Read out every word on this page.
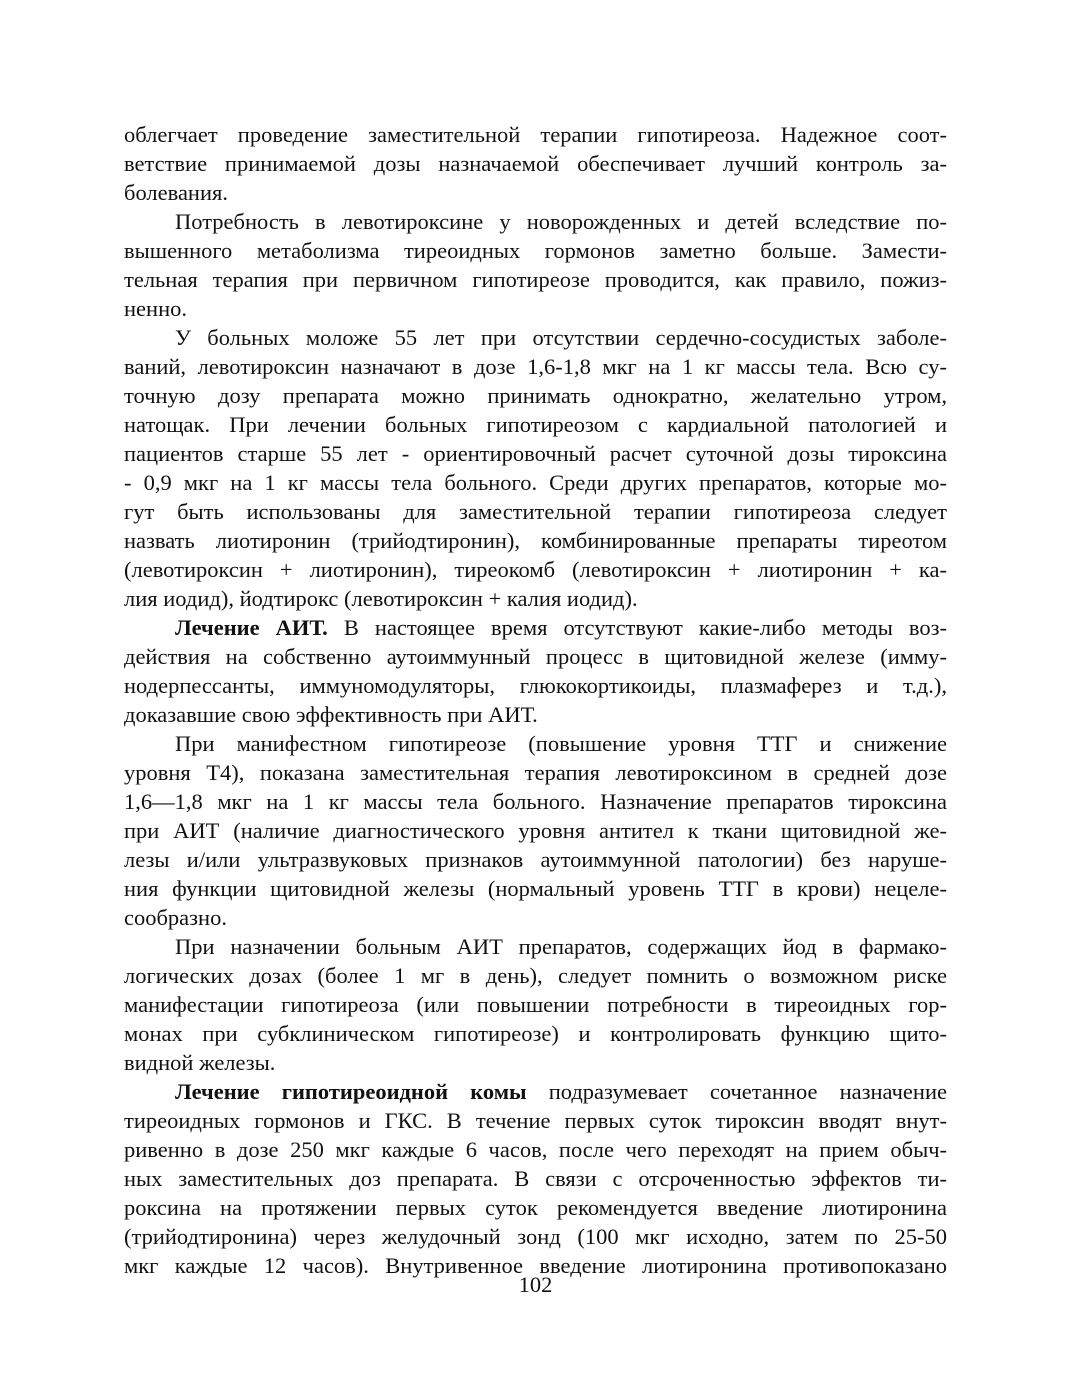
облегчает проведение заместительной терапии гипотиреоза. Надежное соот-
ветствие принимаемой дозы назначаемой обеспечивает лучший контроль за-
болевания.
Потребность в левотироксине у новорожденных и детей вследствие по-
вышенного метаболизма тиреоидных гормонов заметно больше. Замести-
тельная терапия при первичном гипотиреозе проводится, как правило, пожиз-
ненно.
У больных моложе 55 лет при отсутствии сердечно-сосудистых заболе-
ваний, левотироксин назначают в дозе 1,6-1,8 мкг на 1 кг массы тела. Всю су-
точную дозу препарата можно принимать однократно, желательно утром,
натощак. При лечении больных гипотиреозом с кардиальной патологией и
пациентов старше 55 лет - ориентировочный расчет суточной дозы тироксина
- 0,9 мкг на 1 кг массы тела больного. Среди других препаратов, которые мо-
гут быть использованы для заместительной терапии гипотиреоза следует
назвать лиотиронин (трийодтиронин), комбинированные препараты тиреотом
(левотироксин + лиотиронин), тиреокомб (левотироксин + лиотиронин + ка-
лия иодид), йодтирокс (левотироксин + калия иодид).
Лечение АИТ. В настоящее время отсутствуют какие-либо методы воз-
действия на собственно аутоиммунный процесс в щитовидной железе (имму-
нодерпессанты, иммуномодуляторы, глюкокортикоиды, плазмаферез и т.д.),
доказавшие свою эффективность при АИТ.
При манифестном гипотиреозе (повышение уровня ТТГ и снижение
уровня Т4), показана заместительная терапия левотироксином в средней дозе
1,6—1,8 мкг на 1 кг массы тела больного. Назначение препаратов тироксина
при АИТ (наличие диагностического уровня антител к ткани щитовидной же-
лезы и/или ультразвуковых признаков аутоиммунной патологии) без наруше-
ния функции щитовидной железы (нормальный уровень ТТГ в крови) нецеле-
сообразно.
При назначении больным АИТ препаратов, содержащих йод в фармако-
логических дозах (более 1 мг в день), следует помнить о возможном риске
манифестации гипотиреоза (или повышении потребности в тиреоидных гор-
монах при субклиническом гипотиреозе) и контролировать функцию щито-
видной железы.
Лечение гипотиреоидной комы подразумевает сочетанное назначение
тиреоидных гормонов и ГКС. В течение первых суток тироксин вводят внут-
ривенно в дозе 250 мкг каждые 6 часов, после чего переходят на прием обыч-
ных заместительных доз препарата. В связи с отсроченностью эффектов ти-
роксина на протяжении первых суток рекомендуется введение лиотиронина
(трийодтиронина) через желудочный зонд (100 мкг исходно, затем по 25-50
мкг каждые 12 часов). Внутривенное введение лиотиронина противопоказано
102
